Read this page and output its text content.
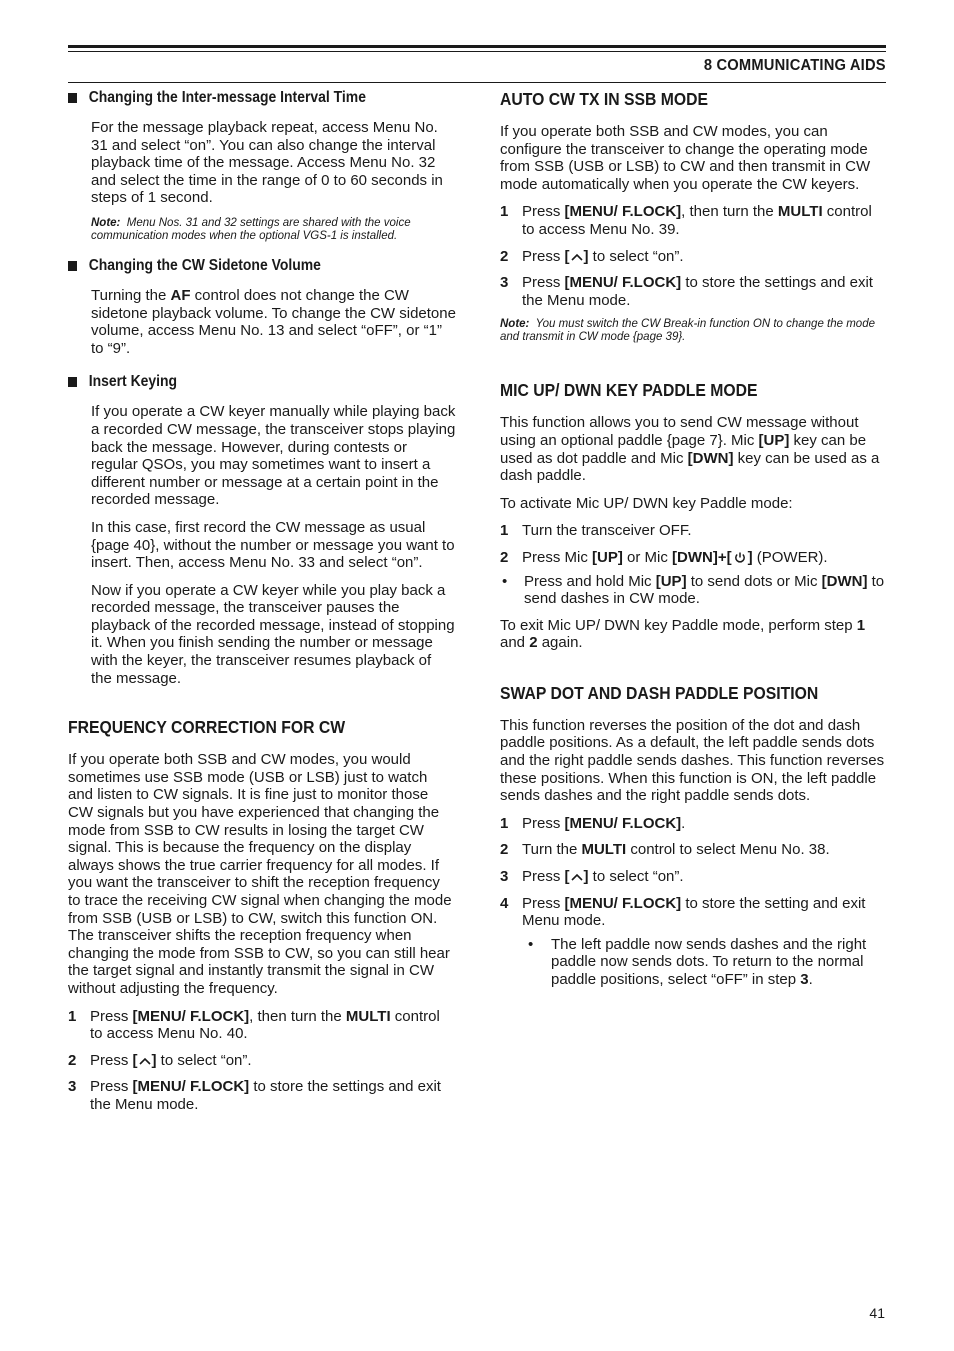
8 COMMUNICATING AIDS
Changing the Inter-message Interval Time

For the message playback repeat, access Menu No. 31 and select “on”. You can also change the interval playback time of the message. Access Menu No. 32 and select the time in the range of 0 to 60 seconds in steps of 1 second.

Note: Menu Nos. 31 and 32 settings are shared with the voice communication modes when the optional VGS-1 is installed.
Changing the CW Sidetone Volume

Turning the AF control does not change the CW sidetone playback volume. To change the CW sidetone volume, access Menu No. 13 and select “oFF”, or “1” to “9”.

Insert Keying

If you operate a CW keyer manually while playing back a recorded CW message, the transceiver stops playing back the message. However, during contests or regular QSOs, you may sometimes want to insert a different number or message at a certain point in the recorded message.

In this case, first record the CW message as usual {page 40}, without the number or message you want to insert. Then, access Menu No. 33 and select “on”.

Now if you operate a CW keyer while you play back a recorded message, the transceiver pauses the playback of the recorded message, instead of stopping it. When you finish sending the number or message with the keyer, the transceiver resumes playback of the message.

FREQUENCY CORRECTION FOR CW

If you operate both SSB and CW modes, you would sometimes use SSB mode (USB or LSB) just to watch and listen to CW signals. It is fine just to monitor those CW signals but you have experienced that changing the mode from SSB to CW results in losing the target CW signal. This is because the frequency on the display always shows the true carrier frequency for all modes. If you want the transceiver to shift the reception frequency to trace the receiving CW signal when changing the mode from SSB (USB or LSB) to CW, switch this function ON. The transceiver shifts the reception frequency when changing the mode from SSB to CW, so you can still hear the target signal and instantly transmit the signal in CW without adjusting the frequency.

1 Press [MENU/ F.LOCK], then turn the MULTI control to access Menu No. 40.
2 Press [ ] to select “on”.
3 Press [MENU/ F.LOCK] to store the settings and exit the Menu mode.
AUTO CW TX IN SSB MODE

If you operate both SSB and CW modes, you can configure the transceiver to change the operating mode from SSB (USB or LSB) to CW and then transmit in CW mode automatically when you operate the CW keyers.

1 Press [MENU/ F.LOCK], then turn the MULTI control to access Menu No. 39.
2 Press [ ] to select “on”.
3 Press [MENU/ F.LOCK] to store the settings and exit the Menu mode.
Note: You must switch the CW Break-in function ON to change the mode and transmit in CW mode {page 39}.
MIC UP/ DWN KEY PADDLE MODE

This function allows you to send CW message without using an optional paddle {page 7}. Mic [UP] key can be used as dot paddle and Mic [DWN] key can be used as a dash paddle.

To activate Mic UP/ DWN key Paddle mode:

1 Turn the transceiver OFF.
2 Press Mic [UP] or Mic [DWN]+[ ] (POWER).
•	Press and hold Mic [UP] to send dots or Mic [DWN] to send dashes in CW mode.

To exit Mic UP/ DWN key Paddle mode, perform step 1 and 2 again.

SWAP DOT AND DASH PADDLE POSITION

This function reverses the position of the dot and dash paddle positions. As a default, the left paddle sends dots and the right paddle sends dashes. This function reverses these positions. When this function is ON, the left paddle sends dashes and the right paddle sends dots.

1 Press [MENU/ F.LOCK].
2 Turn the MULTI control to select Menu No. 38.
3 Press [ ] to select “on”.
4 Press [MENU/ F.LOCK] to store the setting and exit Menu mode.
•	The left paddle now sends dashes and the right paddle now sends dots. To return to the normal paddle positions, select “oFF” in step 3.
41
